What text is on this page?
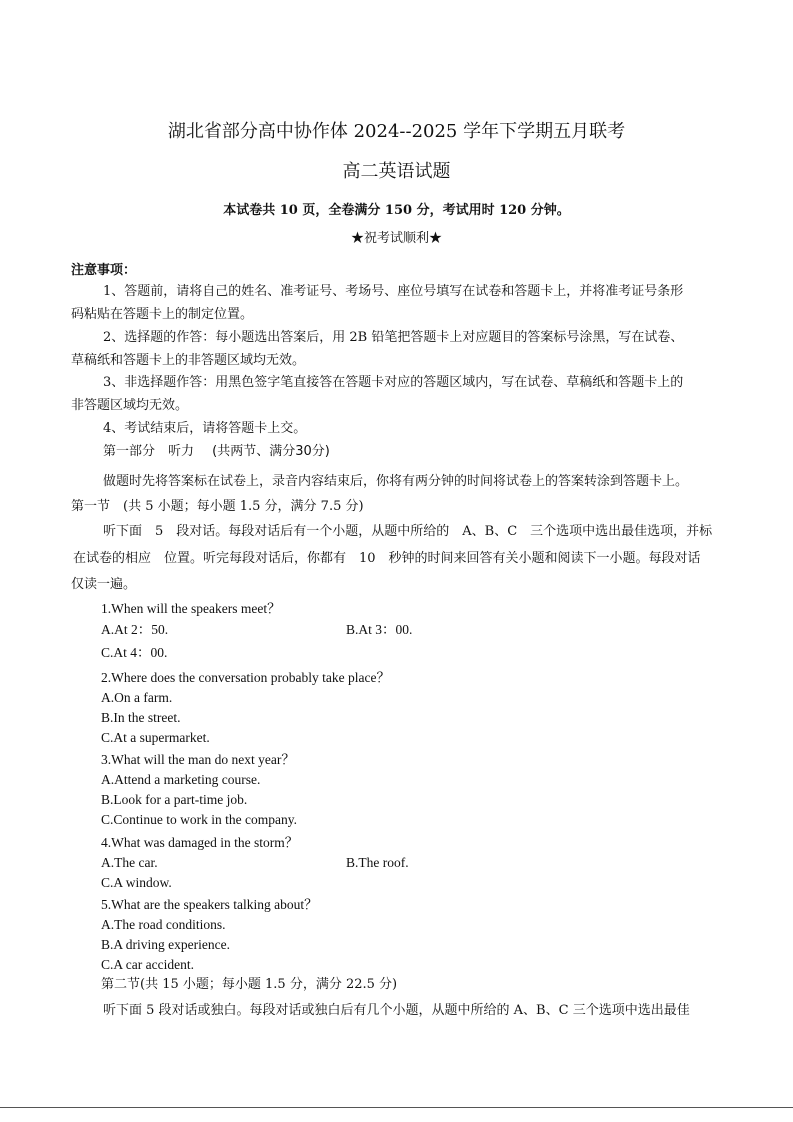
湖北省部分高中协作体 2024--2025 学年下学期五月联考
高二英语试题
本试卷共 10 页，全卷满分 150 分，考试用时 120 分钟。
★祝考试顺利★
注意事项：
1、答题前，请将自己的姓名、准考证号、考场号、座位号填写在试卷和答题卡上，并将准考证号条形
码粘贴在答题卡上的制定位置。
2、选择题的作答：每小题选出答案后，用 2B 铅笔把答题卡上对应题目的答案标号涂黑，写在试卷、
草稿纸和答题卡上的非答题区域均无效。
3、非选择题作答：用黑色签字笔直接答在答题卡对应的答题区域内，写在试卷、草稿纸和答题卡上的
非答题区域均无效。
4、考试结束后，请将答题卡上交。
第一部分　听力 (共两节、满分30分)
做题时先将答案标在试卷上，录音内容结束后，你将有两分钟的时间将试卷上的答案转涂到答题卡上。
第一节　(共 5 小题；每小题 1.5 分，满分 7.5 分)
听下面　5　段对话。每段对话后有一个小题，从题中所给的　A、B、C　三个选项中选出最佳选项，并标
在试卷的相应　位置。听完每段对话后，你都有　10　秒钟的时间来回答有关小题和阅读下一小题。每段对话
仅读一遍。
1.When will the speakers meet？
A.At 2：50.	B.At 3：00.
C.At 4：00.
2.Where does the conversation probably take place？
A.On a farm.
B.In the street.
C.At a supermarket.
3.What will the man do next year？
A.Attend a marketing course.
B.Look for a part-time job.
C.Continue to work in the company.
4.What was damaged in the storm？
A.The car.	B.The roof.
C.A window.
5.What are the speakers talking about？
A.The road conditions.
B.A driving experience.
C.A car accident.
第二节(共 15 小题；每小题 1.5 分，满分 22.5 分)
听下面 5 段对话或独白。每段对话或独白后有几个小题，从题中所给的 A、B、C 三个选项中选出最佳
